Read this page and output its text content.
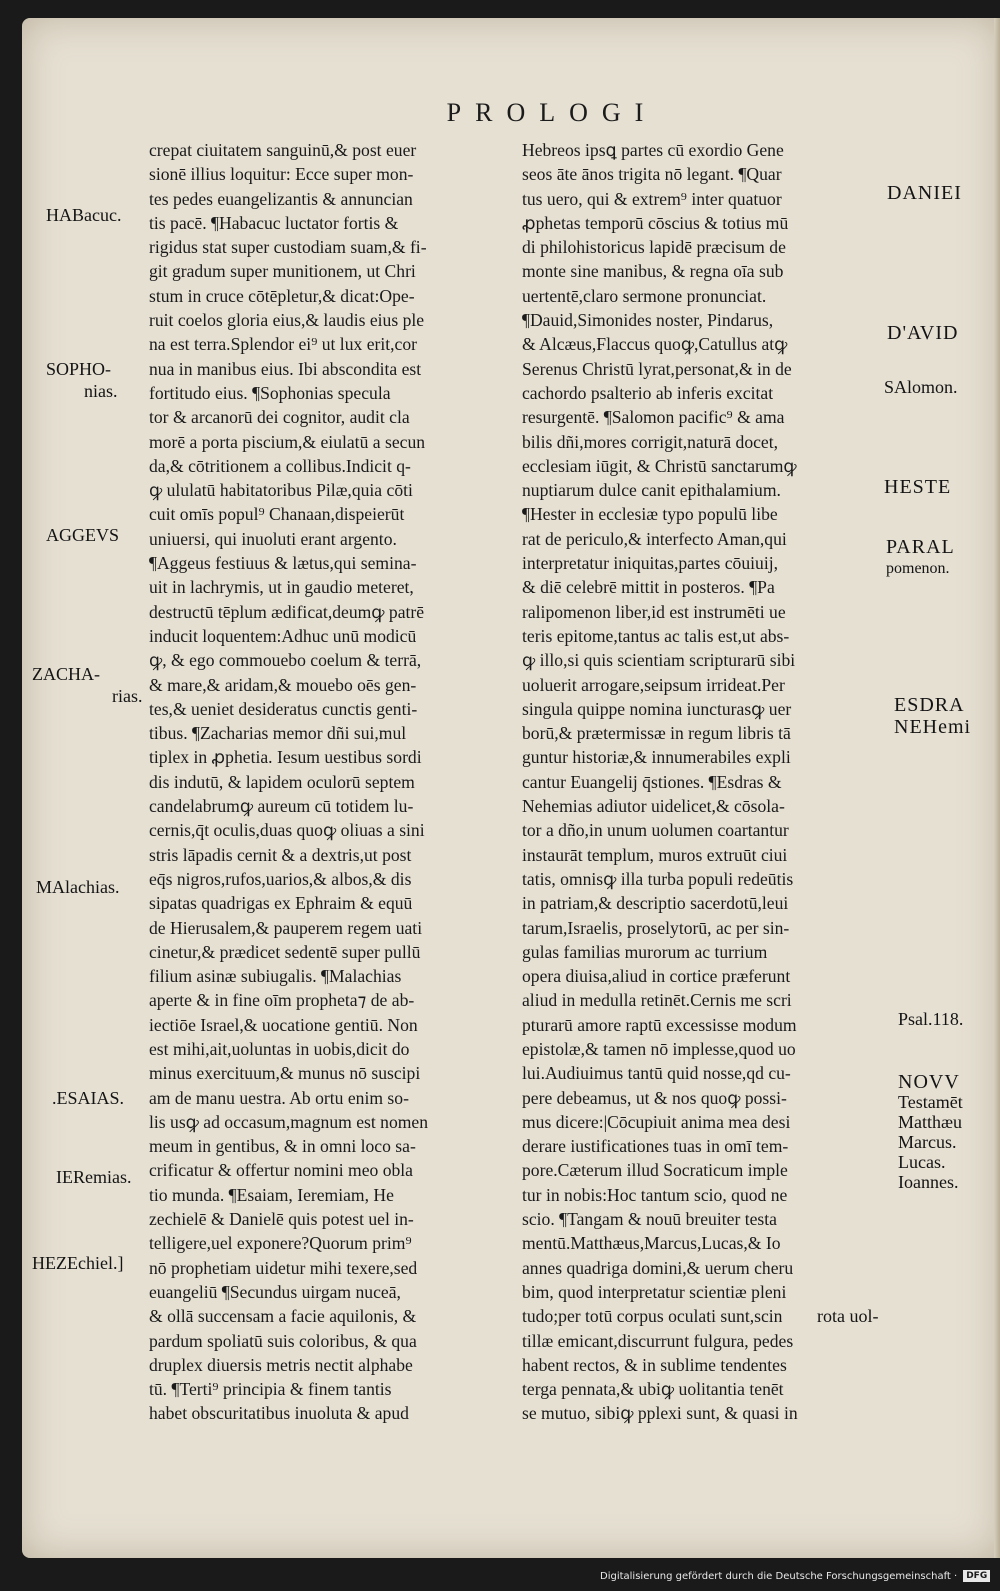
PROLOGI
crepat ciuitatem sanguinū,& post euer
sionē illius loquitur: Ecce super mon-
tes pedes euangelizantis & annuncian
tis pacē. ¶Habacuc luctator fortis &
rigidus stat super custodiam suam,& fi-
git gradum super munitionem, ut Chri
stum in cruce cōtēpletur,& dicat:Ope-
ruit coelos gloria eius,& laudis eius ple
na est terra.Splendor ei⁹ ut lux erit,cor
nua in manibus eius. Ibi abscondita est
fortitudo eius. ¶Sophonias specula
tor & arcanorū dei cognitor, audit cla
morē a porta piscium,& eiulatū a secun
da,& cōtritionem a collibus.Indicit q-
ꝙ ululatū habitatoribus Pilæ,quia cōti
cuit omīs popul⁹ Chanaan,dispeierūt
uniuersi, qui inuoluti erant argento.
¶Aggeus festiuus & lætus,qui semina-
uit in lachrymis, ut in gaudio meteret,
destructū tēplum ædificat,deumꝙ patrē
inducit loquentem:Adhuc unū modicū
ꝙ, & ego commouebo coelum & terrā,
& mare,& aridam,& mouebo oēs gen-
tes,& ueniet desideratus cunctis genti-
tibus. ¶Zacharias memor dñi sui,mul
tiplex in ꝓphetia. Iesum uestibus sordi
dis indutū, & lapidem oculorū septem
candelabrumꝙ aureum cū totidem lu-
cernis,q̄t oculis,duas quoꝙ oliuas a sini
stris lāpadis cernit & a dextris,ut post
eq̄s nigros,rufos,uarios,& albos,& dis
sipatas quadrigas ex Ephraim & equū
de Hierusalem,& pauperem regem uati
cinetur,& prædicet sedentē super pullū
filium asinæ subiugalis. ¶Malachias
aperte & in fine oīm propheta⁊ de ab-
iectiōe Israel,& uocatione gentiū. Non
est mihi,ait,uoluntas in uobis,dicit do
minus exercituum,& munus nō suscipi
am de manu uestra. Ab ortu enim so-
lis usꝙ ad occasum,magnum est nomen
meum in gentibus, & in omni loco sa-
crificatur & offertur nomini meo obla
tio munda. ¶Esaiam, Ieremiam, He
zechielē & Danielē quis potest uel in-
telligere,uel exponere?Quorum prim⁹
nō prophetiam uidetur mihi texere,sed
euangeliū ¶Secundus uirgam nuceā,
& ollā succensam a facie aquilonis, &
pardum spoliatū suis coloribus, & qua
druplex diuersis metris nectit alphabe
tū. ¶Terti⁹ principia & finem tantis
habet obscuritatibus inuoluta & apud
Hebreos ipsꝗ partes cū exordio Gene
seos āte ānos trigita nō legant. ¶Quar
tus uero, qui & extrem⁹ inter quatuor
ꝓphetas temporū cōscius & totius mū
di philohistoricus lapidē præcisum de
monte sine manibus, & regna oīa sub
uertentē,claro sermone pronunciat.
¶Dauid,Simonides noster, Pindarus,
& Alcæus,Flaccus quoꝙ,Catullus atꝙ
Serenus Christū lyrat,personat,& in de
cachordo psalterio ab inferis excitat
resurgentē. ¶Salomon pacific⁹ & ama
bilis dñi,mores corrigit,naturā docet,
ecclesiam iūgit, & Christū sanctarumꝙ
nuptiarum dulce canit epithalamium.
¶Hester in ecclesiæ typo populū libe
rat de periculo,& interfecto Aman,qui
interpretatur iniquitas,partes cōuiuij,
& diē celebrē mittit in posteros. ¶Pa
ralipomenon liber,id est instrumēti ue
teris epitome,tantus ac talis est,ut abs-
ꝙ illo,si quis scientiam scripturarū sibi
uoluerit arrogare,seipsum irrideat.Per
singula quippe nomina iuncturasꝙ uer
borū,& prætermissæ in regum libris tā
guntur historiæ,& innumerabiles expli
cantur Euangelij q̄stiones. ¶Esdras &
Nehemias adiutor uidelicet,& cōsola-
tor a dño,in unum uolumen coartantur
instaurāt templum, muros extruūt ciui
tatis, omnisꝙ illa turba populi redeūtis
in patriam,& descriptio sacerdotū,leui
tarum,Israelis, proselytorū, ac per sin-
gulas familias murorum ac turrium
opera diuisa,aliud in cortice præferunt
aliud in medulla retinēt.Cernis me scri
pturarū amore raptū excessisse modum
epistolæ,& tamen nō implesse,quod uo
lui.Audiuimus tantū quid nosse,qd cu-
pere debeamus, ut & nos quoꝙ possi-
mus dicere:|Cōcupiuit anima mea desi
derare iustificationes tuas in omī tem-
pore.Cæterum illud Socraticum imple
tur in nobis:Hoc tantum scio, quod ne
scio. ¶Tangam & nouū breuiter testa
mentū.Matthæus,Marcus,Lucas,& Io
annes quadriga domini,& uerum cheru
bim, quod interpretatur scientiæ pleni
tudo;per totū corpus oculati sunt,scin
tillæ emicant,discurrunt fulgura, pedes
habent rectos, & in sublime tendentes
terga pennata,& ubiꝙ uolitantia tenēt
se mutuo, sibiꝙ pplexi sunt, & quasi in
HABacuc.
SOPHO-
nias.
AGGEVS
ZACHA-
rias.
MAlachias.
.ESAIAS.
IERemias.
HEZEchiel.]
DANIEI
D'AVID
SAlomon.
HESTE
PARAL
pomenon.
ESDRA
NEHemi
Psal.118.
NOVV
Testamēt
Matthæu
Marcus.
Lucas.
Ioannes.
rota uol-
Digitalisierung gefördert durch die Deutsche Forschungsgemeinschaft ·	DFG
